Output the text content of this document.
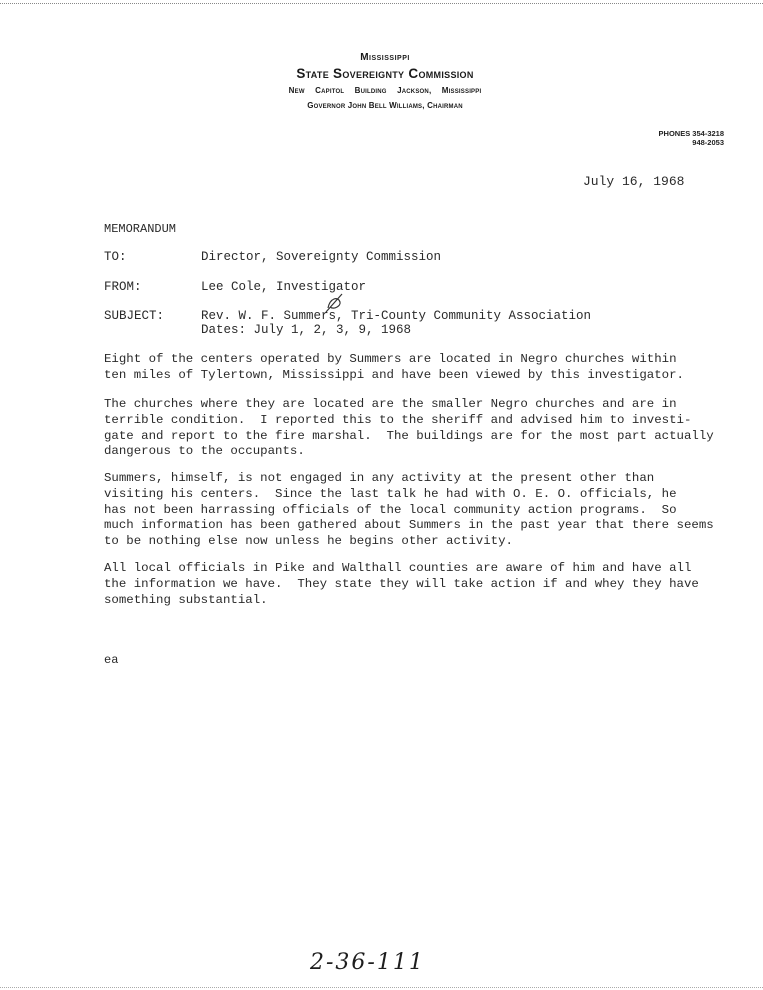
Mississippi
State Sovereignty Commission
New Capitol Building Jackson, Mississippi
Governor John Bell Williams, Chairman
PHONES 354-3218
948-2053
July 16, 1968
MEMORANDUM
TO:	Director, Sovereignty Commission
FROM:	Lee Cole, Investigator
SUBJECT:	Rev. W. F. Summers, Tri-County Community Association
Dates: July 1, 2, 3, 9, 1968
Eight of the centers operated by Summers are located in Negro churches within
ten miles of Tylertown, Mississippi and have been viewed by this investigator.
The churches where they are located are the smaller Negro churches and are in
terrible condition.  I reported this to the sheriff and advised him to investi-
gate and report to the fire marshal.  The buildings are for the most part actually
dangerous to the occupants.
Summers, himself, is not engaged in any activity at the present other than
visiting his centers.  Since the last talk he had with O. E. O. officials, he
has not been harrassing officials of the local community action programs.  So
much information has been gathered about Summers in the past year that there seems
to be nothing else now unless he begins other activity.
All local officials in Pike and Walthall counties are aware of him and have all
the information we have.  They state they will take action if and whey they have
something substantial.
ea
2-36-111
